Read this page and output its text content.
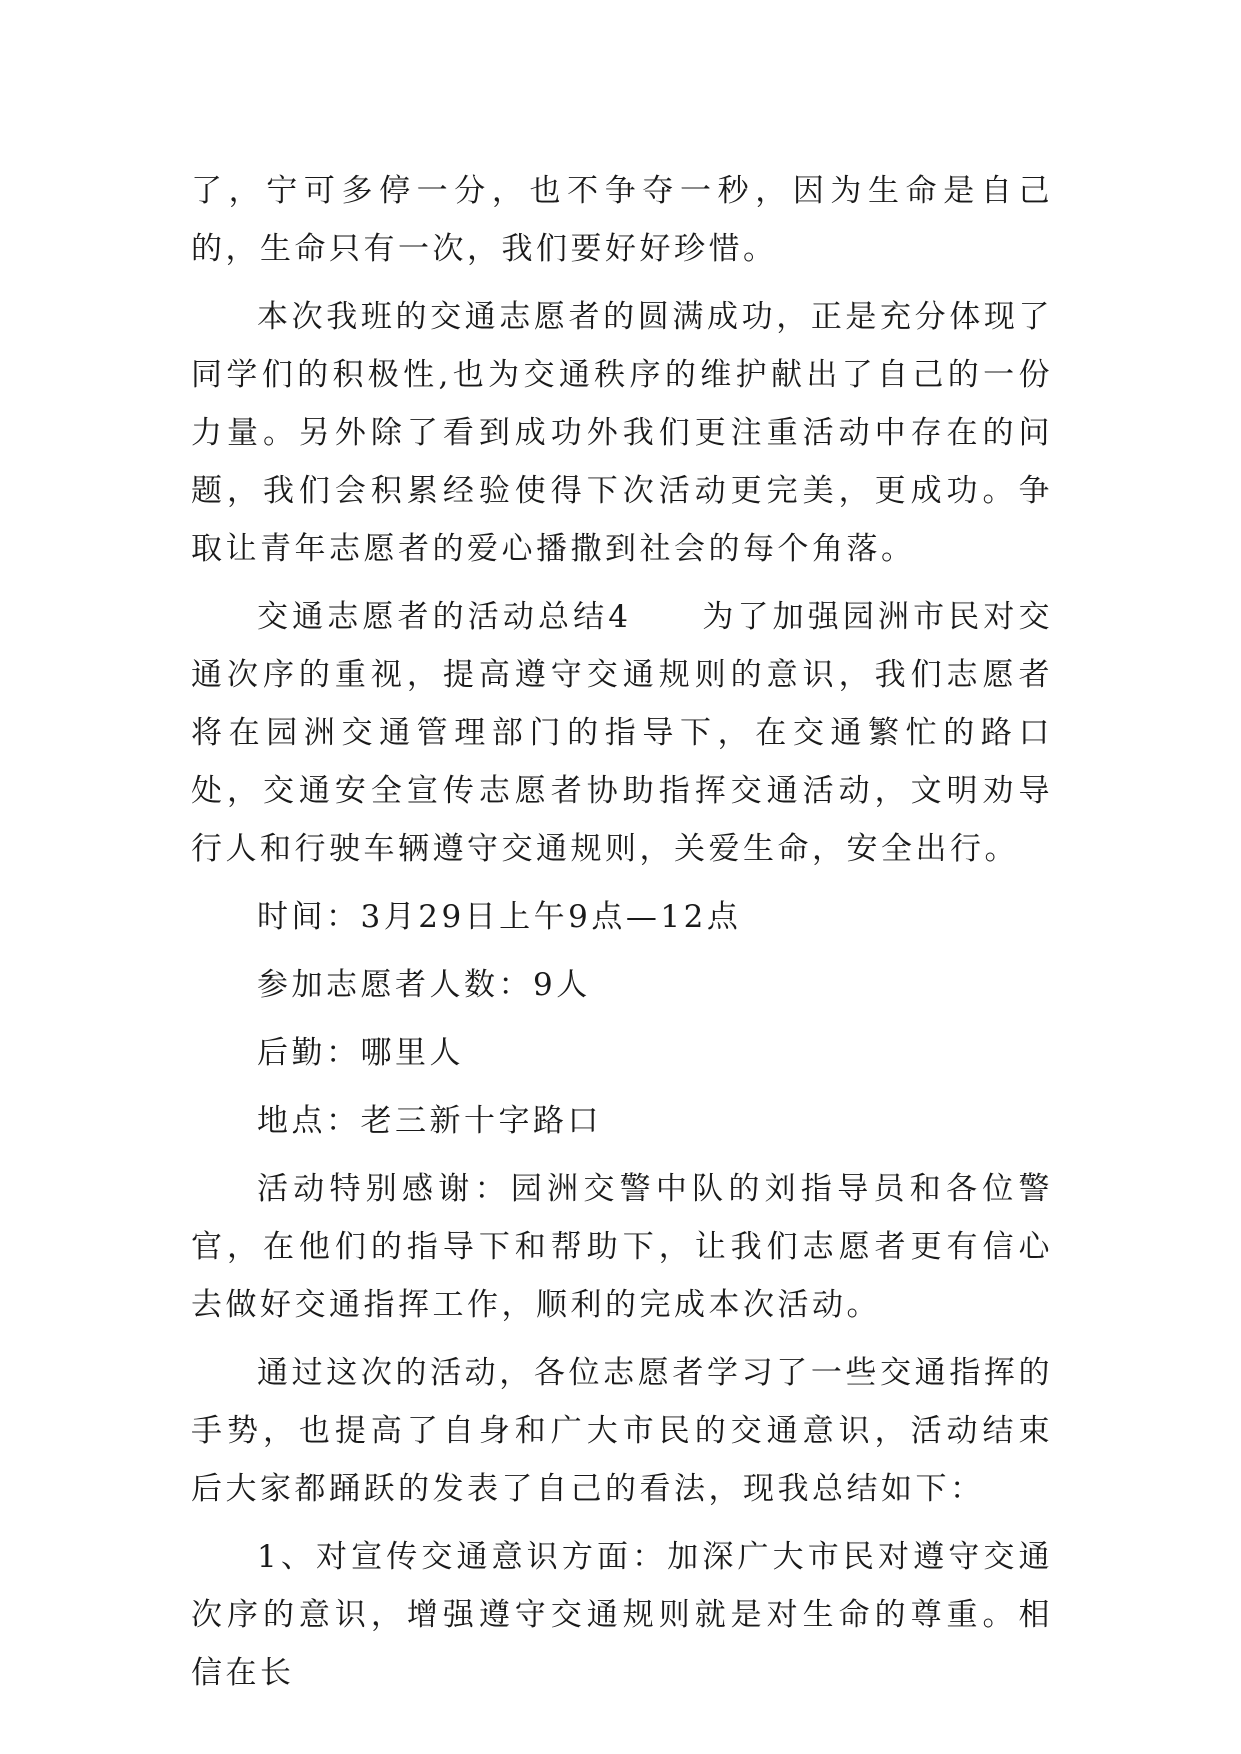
了，宁可多停一分，也不争夺一秒，因为生命是自己的，生命只有一次，我们要好好珍惜。

本次我班的交通志愿者的圆满成功，正是充分体现了同学们的积极性,也为交通秩序的维护献出了自己的一份力量。另外除了看到成功外我们更注重活动中存在的问题，我们会积累经验使得下次活动更完美，更成功。争取让青年志愿者的爱心播撒到社会的每个角落。

交通志愿者的活动总结4　　为了加强园洲市民对交通次序的重视，提高遵守交通规则的意识，我们志愿者将在园洲交通管理部门的指导下，在交通繁忙的路口处，交通安全宣传志愿者协助指挥交通活动，文明劝导行人和行驶车辆遵守交通规则，关爱生命，安全出行。

时间：3月29日上午9点—12点

参加志愿者人数：9人

后勤：哪里人

地点：老三新十字路口

活动特别感谢：园洲交警中队的刘指导员和各位警官，在他们的指导下和帮助下，让我们志愿者更有信心去做好交通指挥工作，顺利的完成本次活动。

通过这次的活动，各位志愿者学习了一些交通指挥的手势，也提高了自身和广大市民的交通意识，活动结束后大家都踊跃的发表了自己的看法，现我总结如下：

1、对宣传交通意识方面：加深广大市民对遵守交通次序的意识，增强遵守交通规则就是对生命的尊重。相信在长
